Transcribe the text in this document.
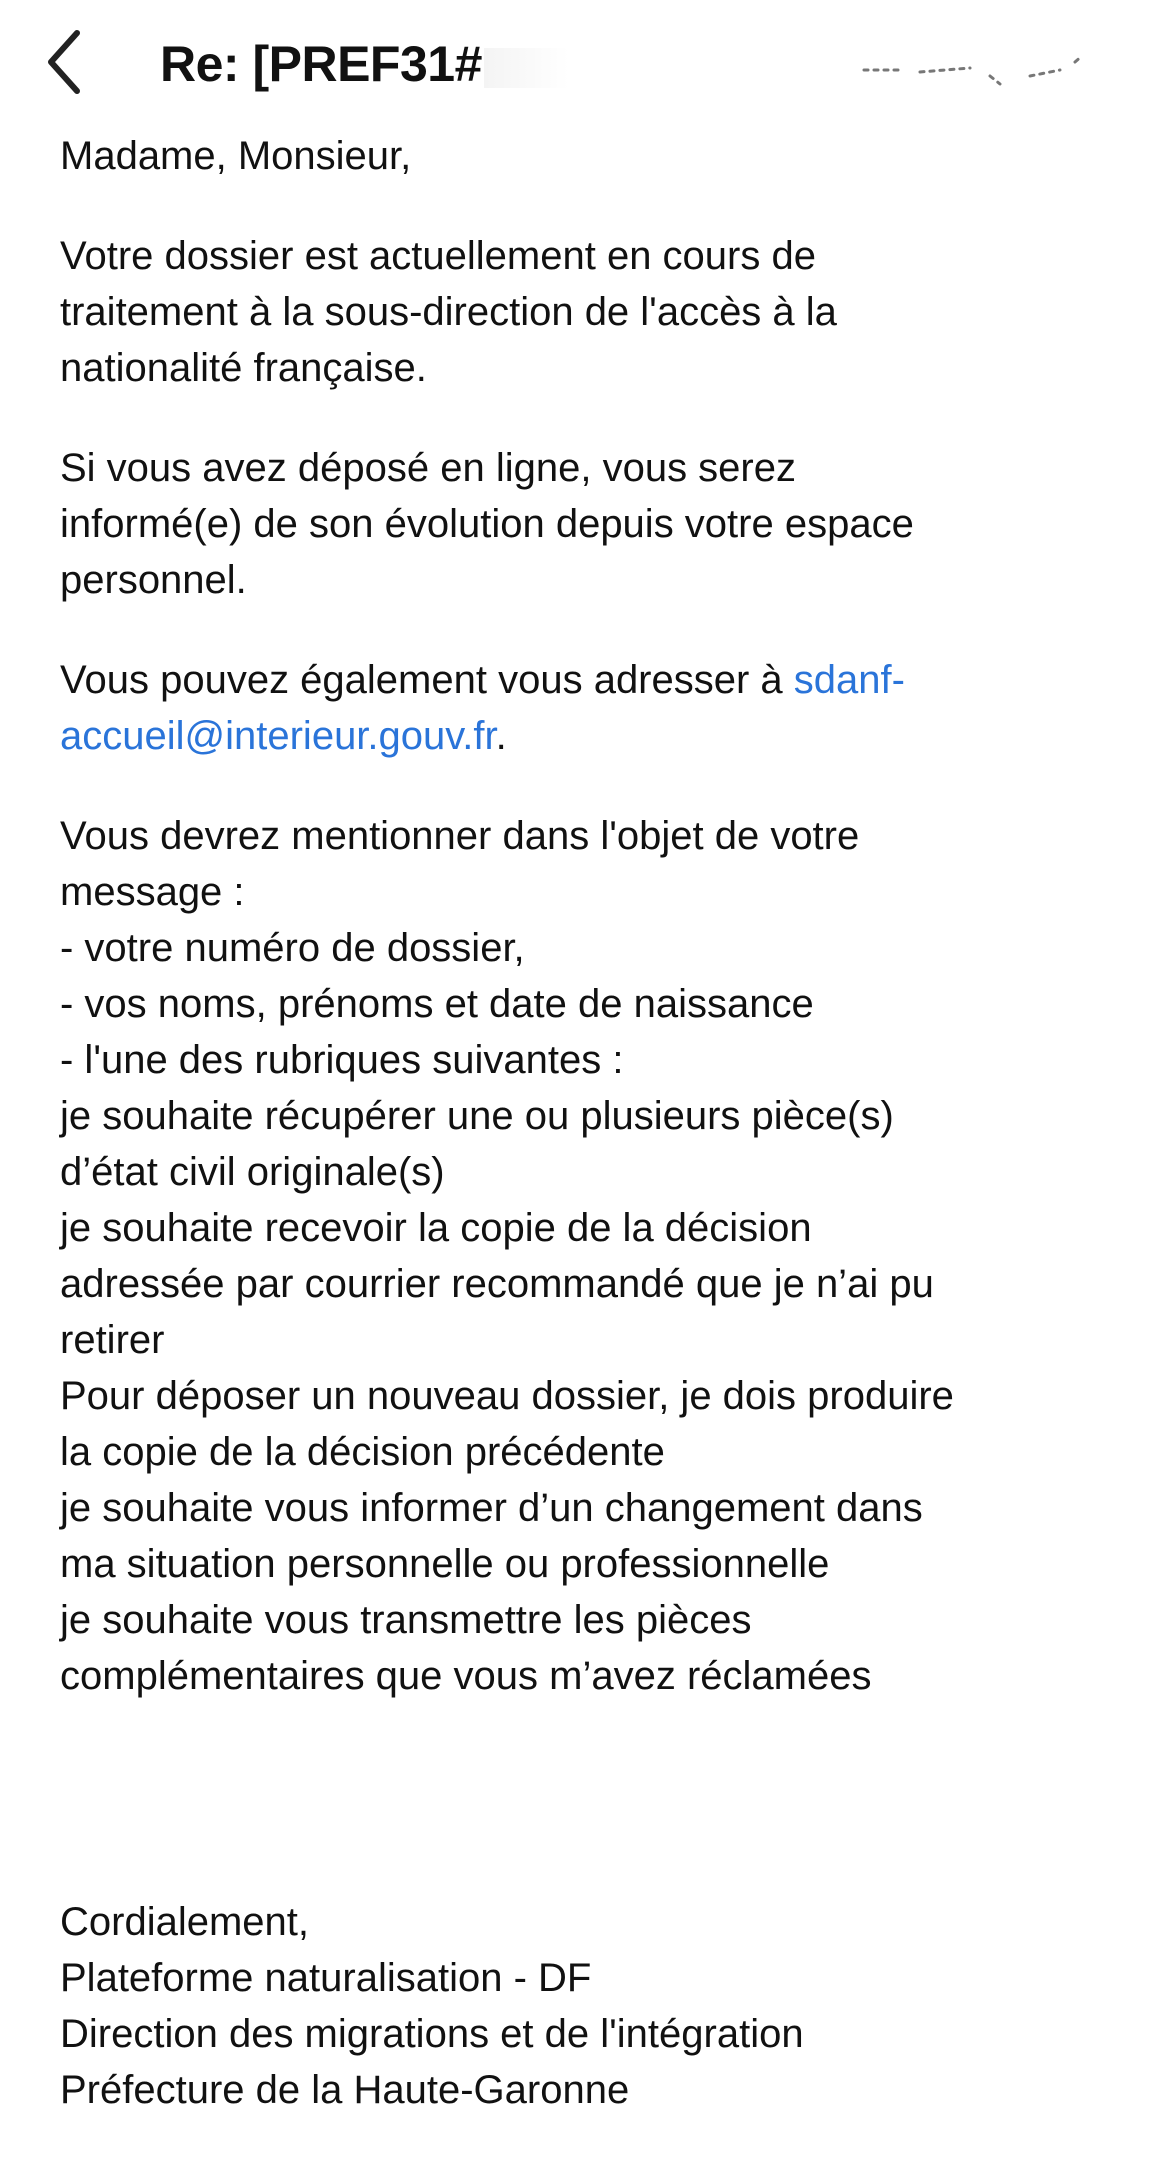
Re: [PREF31#

Madame, Monsieur,

Votre dossier est actuellement en cours de
traitement à la sous-direction de l'accès à la
nationalité française.

Si vous avez déposé en ligne, vous serez
informé(e) de son évolution depuis votre espace
personnel.

Vous pouvez également vous adresser à sdanf-
accueil@interieur.gouv.fr.

Vous devrez mentionner dans l'objet de votre
message :
- votre numéro de dossier,
- vos noms, prénoms et date de naissance
- l'une des rubriques suivantes :
je souhaite récupérer une ou plusieurs pièce(s)
d’état civil originale(s)
je souhaite recevoir la copie de la décision
adressée par courrier recommandé que je n’ai pu
retirer
Pour déposer un nouveau dossier, je dois produire
la copie de la décision précédente
je souhaite vous informer d’un changement dans
ma situation personnelle ou professionnelle
je souhaite vous transmettre les pièces
complémentaires que vous m’avez réclamées

Cordialement,
Plateforme naturalisation - DF
Direction des migrations et de l'intégration
Préfecture de la Haute-Garonne
